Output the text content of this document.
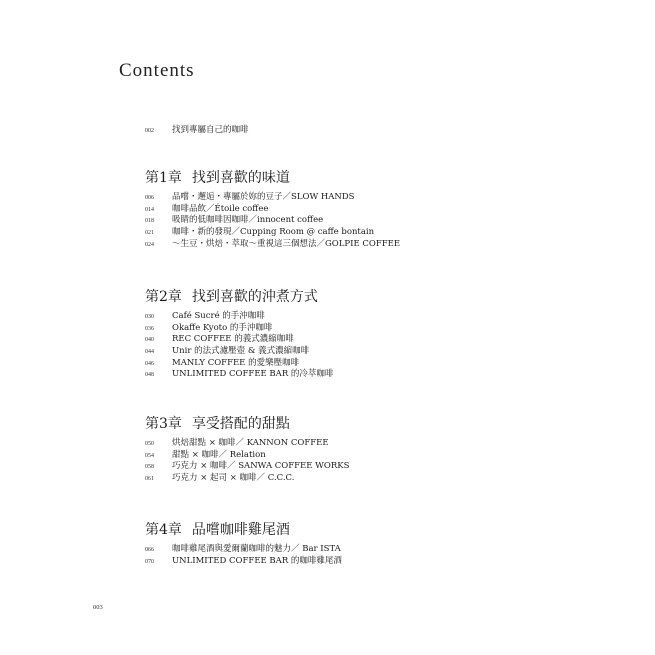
Contents
002 找到專屬自己的咖啡
第1章 找到喜歡的味道
006 品嚐・邂逅・專屬於妳的豆子／SLOW HANDS
014 咖啡品飲／Étoile coffee
018 吸睛的低咖啡因咖啡／innocent coffee
021 咖啡・新的發現／Cupping Room @ caffe bontain
024 ～生豆・烘焙・萃取～重視這三個想法／GOLPIE COFFEE
第2章 找到喜歡的沖煮方式
030 Café Sucré 的手沖咖啡
036 Okaffe Kyoto 的手沖咖啡
040 REC COFFEE 的義式濃縮咖啡
044 Unir 的法式濾壓壺 & 義式濃縮咖啡
046 MANLY COFFEE 的愛樂壓咖啡
048 UNLIMITED COFFEE BAR 的冷萃咖啡
第3章 享受搭配的甜點
050 烘焙甜點 × 咖啡／ KANNON COFFEE
054 甜點 × 咖啡／ Relation
058 巧克力 × 咖啡／ SANWA COFFEE WORKS
061 巧克力 × 起司 × 咖啡／ C.C.C.
第4章 品嚐咖啡雞尾酒
066 咖啡雞尾酒與愛爾蘭咖啡的魅力／ Bar ISTA
070 UNLIMITED COFFEE BAR 的咖啡雞尾酒
003
